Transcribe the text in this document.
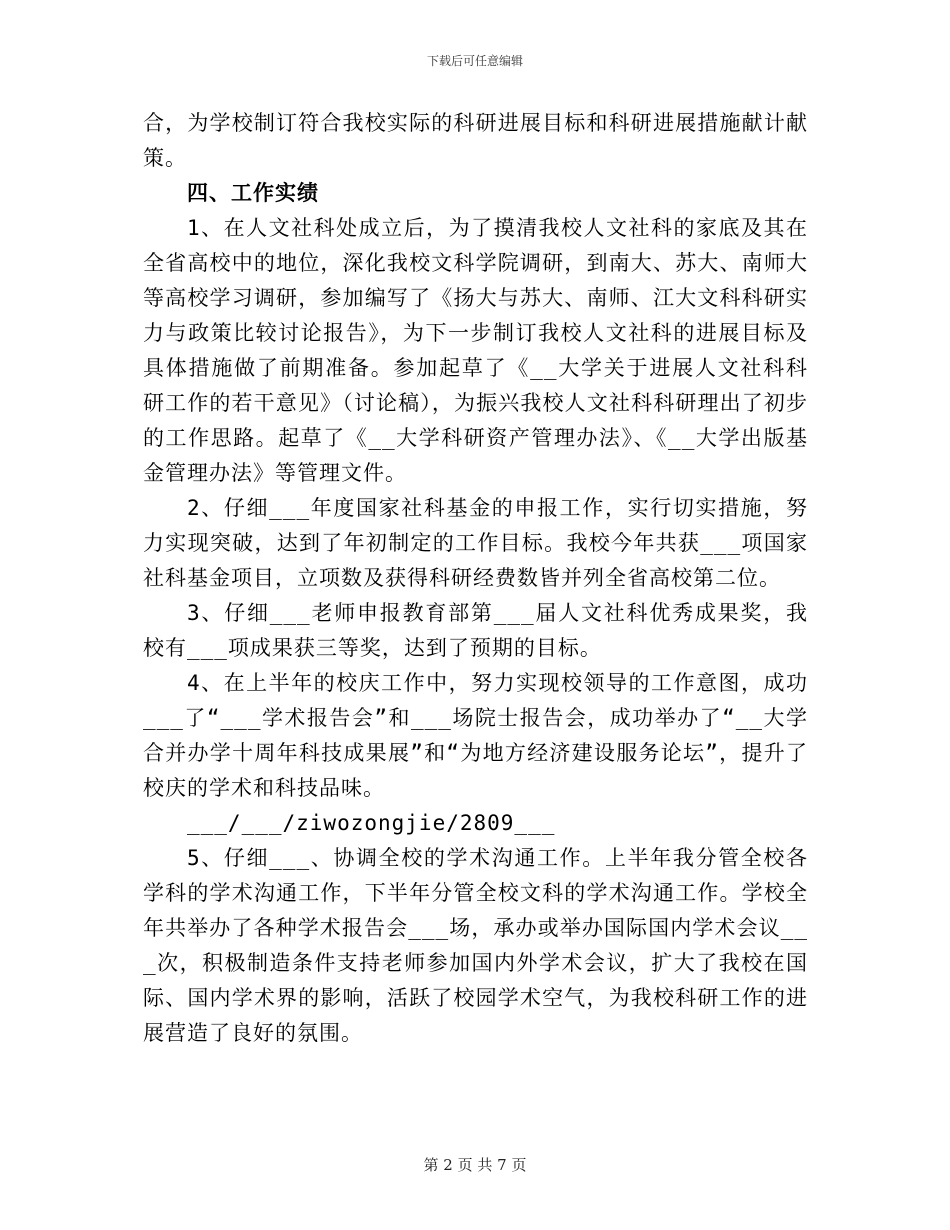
下载后可任意编辑

合，为学校制订符合我校实际的科研进展目标和科研进展措施献计献策。

四、工作实绩

1、在人文社科处成立后，为了摸清我校人文社科的家底及其在全省高校中的地位，深化我校文科学院调研，到南大、苏大、南师大等高校学习调研，参加编写了《扬大与苏大、南师、江大文科科研实力与政策比较讨论报告》，为下一步制订我校人文社科的进展目标及具体措施做了前期准备。参加起草了《__大学关于进展人文社科科研工作的若干意见》（讨论稿），为振兴我校人文社科科研理出了初步的工作思路。起草了《__大学科研资产管理办法》、《__大学出版基金管理办法》等管理文件。

2、仔细___年度国家社科基金的申报工作，实行切实措施，努力实现突破，达到了年初制定的工作目标。我校今年共获___项国家社科基金项目，立项数及获得科研经费数皆并列全省高校第二位。

3、仔细___老师申报教育部第___届人文社科优秀成果奖，我校有___项成果获三等奖，达到了预期的目标。

4、在上半年的校庆工作中，努力实现校领导的工作意图，成功___了“___学术报告会”和___场院士报告会，成功举办了“__大学合并办学十周年科技成果展”和“为地方经济建设服务论坛”，提升了校庆的学术和科技品味。

___/___/ziwozongjie/2809___

5、仔细___、协调全校的学术沟通工作。上半年我分管全校各学科的学术沟通工作，下半年分管全校文科的学术沟通工作。学校全年共举办了各种学术报告会___场，承办或举办国际国内学术会议___次，积极制造条件支持老师参加国内外学术会议，扩大了我校在国际、国内学术界的影响，活跃了校园学术空气，为我校科研工作的进展营造了良好的氛围。

第 2 页 共 7 页
